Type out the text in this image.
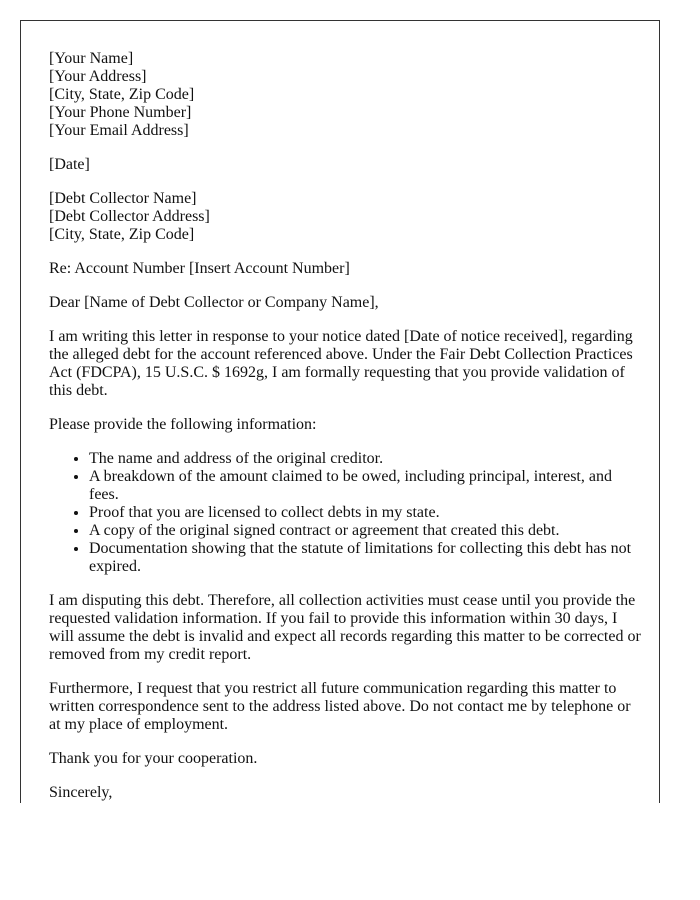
[Your Name]
[Your Address]
[City, State, Zip Code]
[Your Phone Number]
[Your Email Address]

[Date]

[Debt Collector Name]
[Debt Collector Address]
[City, State, Zip Code]

Re: Account Number [Insert Account Number]

Dear [Name of Debt Collector or Company Name],

I am writing this letter in response to your notice dated [Date of notice received], regarding the alleged debt for the account referenced above. Under the Fair Debt Collection Practices Act (FDCPA), 15 U.S.C. $ 1692g, I am formally requesting that you provide validation of this debt.

Please provide the following information:

• The name and address of the original creditor.
• A breakdown of the amount claimed to be owed, including principal, interest, and fees.
• Proof that you are licensed to collect debts in my state.
• A copy of the original signed contract or agreement that created this debt.
• Documentation showing that the statute of limitations for collecting this debt has not expired.

I am disputing this debt. Therefore, all collection activities must cease until you provide the requested validation information. If you fail to provide this information within 30 days, I will assume the debt is invalid and expect all records regarding this matter to be corrected or removed from my credit report.

Furthermore, I request that you restrict all future communication regarding this matter to written correspondence sent to the address listed above. Do not contact me by telephone or at my place of employment.

Thank you for your cooperation.

Sincerely,
